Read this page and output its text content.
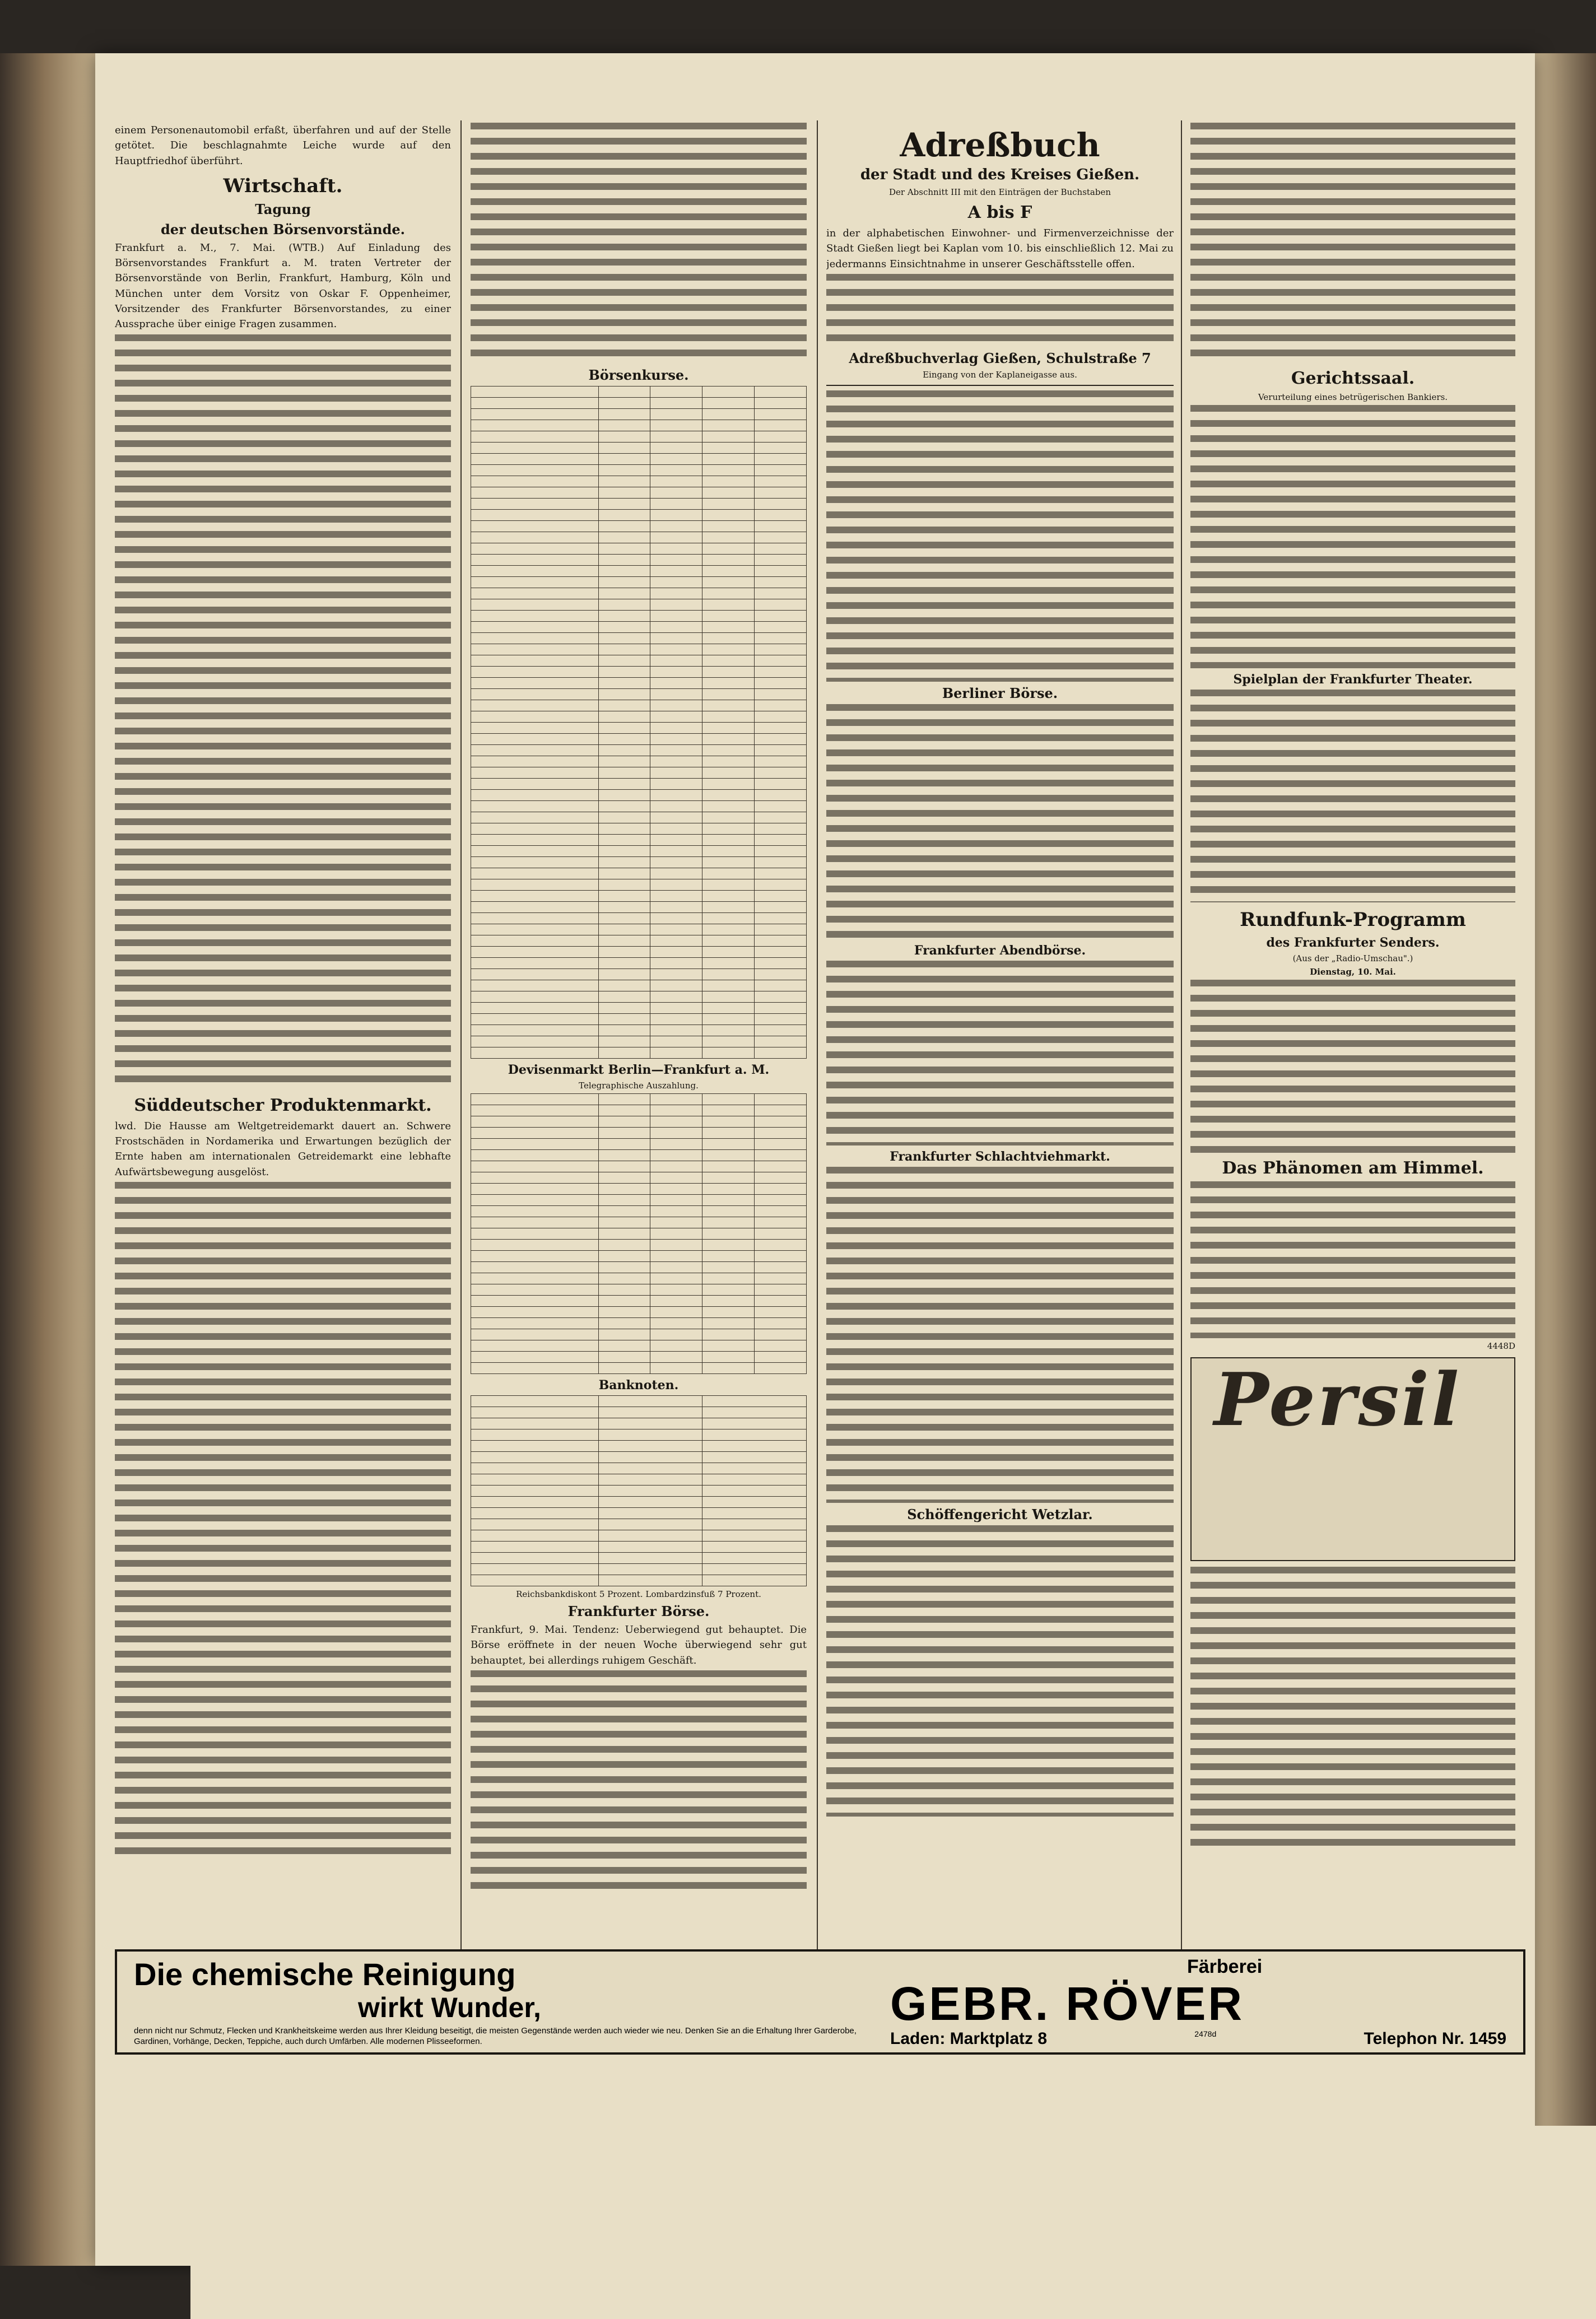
einem Personenautomobil erfaßt, überfahren und auf der Stelle getötet. Die beschlagnahmte Leiche wurde auf den Hauptfriedhof überführt.
Wirtschaft.
Tagung
der deutschen Börsenvorstände.
Frankfurt a. M., 7. Mai. (WTB.) Auf Einladung des Börsenvorstandes Frankfurt a. M. traten Vertreter der Börsenvorstände von Berlin, Frankfurt, Hamburg, Köln und München unter dem Vorsitz von Oskar F. Oppenheimer, Vorsitzender des Frankfurter Börsenvorstandes, zu einer Aussprache über einige Fragen zusammen.
Süddeutscher Produktenmarkt.
lwd. Die Hausse am Weltgetreidemarkt dauert an. Schwere Frostschäden in Nordamerika und Erwartungen bezüglich der Ernte haben am internationalen Getreidemarkt eine lebhafte Aufwärtsbewegung ausgelöst.
Börsenkurse.

Devisenmarkt Berlin—Frankfurt a. M.
Telegraphische Auszahlung.

Banknoten.

Reichsbankdiskont 5 Prozent. Lombardzinsfuß 7 Prozent.
Frankfurter Börse.
Frankfurt, 9. Mai. Tendenz: Ueberwiegend gut behauptet. Die Börse eröffnete in der neuen Woche überwiegend sehr gut behauptet, bei allerdings ruhigem Geschäft.
Adreßbuch
der Stadt und des Kreises Gießen.
Der Abschnitt III mit den Einträgen der Buchstaben
A bis F
in der alphabetischen Einwohner- und Firmenverzeichnisse der Stadt Gießen liegt bei Kaplan vom 10. bis einschließlich 12. Mai zu jedermanns Einsichtnahme in unserer Geschäftsstelle offen.
Adreßbuchverlag Gießen, Schulstraße 7
Eingang von der Kaplaneigasse aus.
Berliner Börse.
Frankfurter Abendbörse.
Frankfurter Schlachtviehmarkt.
Schöffengericht Wetzlar.
Gerichtssaal.
Verurteilung eines betrügerischen Bankiers.
Spielplan der Frankfurter Theater.
Rundfunk-Programm
des Frankfurter Senders.
(Aus der „Radio-Umschau".)
Dienstag, 10. Mai.
Das Phänomen am Himmel.
4448D
Persil
Die chemische Reinigung
wirkt Wunder,
denn nicht nur Schmutz, Flecken und Krankheitskeime werden aus Ihrer Kleidung beseitigt, die meisten Gegenstände werden auch wieder wie neu. Denken Sie an die Erhaltung Ihrer Garderobe, Gardinen, Vorhänge, Decken, Teppiche, auch durch Umfärben. Alle modernen Plisseeformen.
Färberei
GEBR. RÖVER
Laden: Marktplatz 8	2478d	Telephon Nr. 1459
